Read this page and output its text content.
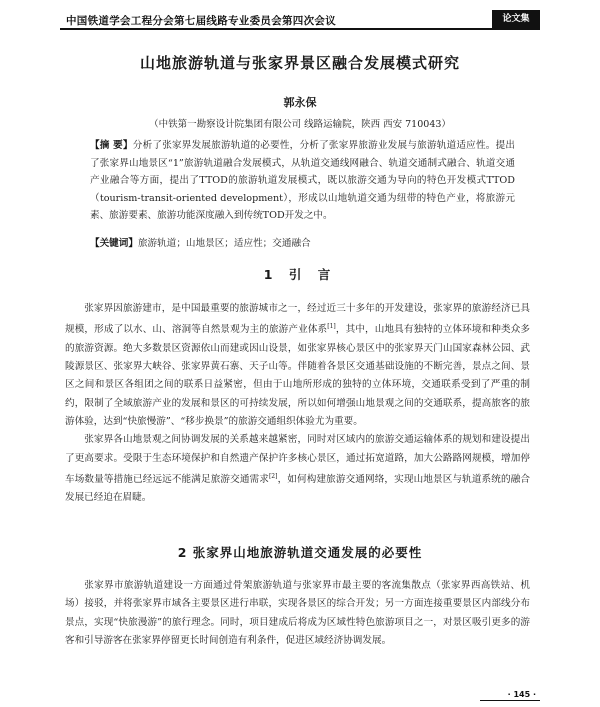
中国铁道学会工程分会第七届线路专业委员会第四次会议	论文集
山地旅游轨道与张家界景区融合发展模式研究
郭永保
（中铁第一勘察设计院集团有限公司 线路运输院，陕西 西安 710043）
【摘 要】分析了张家界发展旅游轨道的必要性，分析了张家界旅游业发展与旅游轨道适应性。提出了张家界山地景区“1”旅游轨道融合发展模式，从轨道交通线网融合、轨道交通制式融合、轨道交通产业融合等方面，提出了TTOD的旅游轨道发展模式，既以旅游交通为导向的特色开发模式TTOD（tourism-transit-oriented development），形成以山地轨道交通为纽带的特色产业，将旅游元素、旅游要素、旅游功能深度融入到传统TOD开发之中。
【关键词】旅游轨道；山地景区；适应性；交通融合
1 引 言

张家界因旅游建市，是中国最重要的旅游城市之一，经过近三十多年的开发建设，张家界的旅游经济已具规模，形成了以水、山、溶洞等自然景观为主的旅游产业体系[1]，其中，山地具有独特的立体环境和种类众多的旅游资源。绝大多数景区资源依山而建或因山设景，如张家界核心景区中的张家界天门山国家森林公园、武陵源景区、张家界大峡谷、张家界黄石寨、天子山等。伴随着各景区交通基础设施的不断完善，景点之间、景区之间和景区各组团之间的联系日益紧密，但由于山地所形成的独特的立体环境，交通联系受到了严重的制约，限制了全域旅游产业的发展和景区的可持续发展，所以如何增强山地景观之间的交通联系，提高旅客的旅游体验，达到“快旅慢游”、“移步换景”的旅游交通组织体验尤为重要。

张家界各山地景观之间协调发展的关系越来越紧密，同时对区域内的旅游交通运输体系的规划和建设提出了更高要求。受限于生态环境保护和自然遗产保护许多核心景区，通过拓宽道路，加大公路路网规模，增加停车场数量等措施已经远远不能满足旅游交通需求[2]，如何构建旅游交通网络，实现山地景区与轨道系统的融合发展已经迫在眉睫。

2 张家界山地旅游轨道交通发展的必要性

张家界市旅游轨道建设一方面通过骨架旅游轨道与张家界市最主要的客流集散点（张家界西高铁站、机场）接驳，并将张家界市域各主要景区进行串联，实现各景区的综合开发；另一方面连接重要景区内部线分布景点，实现“快旅漫游”的旅行理念。同时，项目建成后将成为区域性特色旅游项目之一，对景区吸引更多的游客和引导游客在张家界停留更长时间创造有利条件，促进区域经济协调发展。

· 145 ·
